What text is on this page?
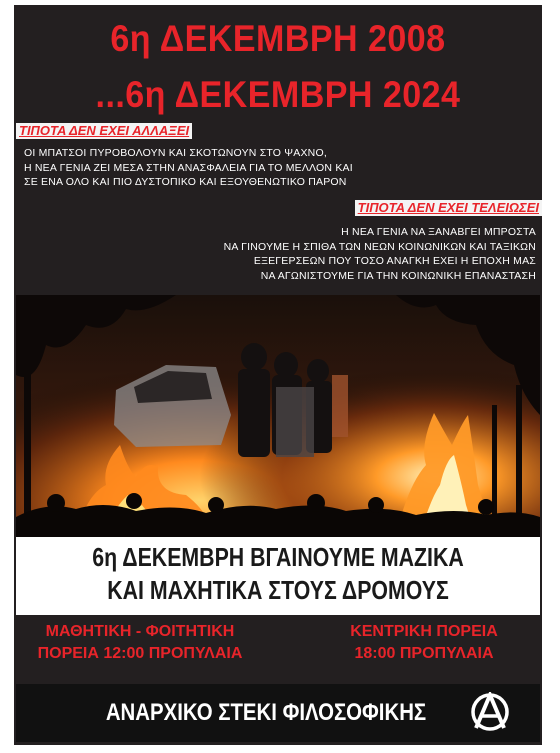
6η ΔΕΚΕΜΒΡΗ 2008
...6η ΔΕΚΕΜΒΡΗ 2024
ΤΙΠΟΤΑ ΔΕΝ ΕΧΕΙ ΑΛΛΑΞΕΙ
ΟΙ ΜΠΑΤΣΟΙ ΠΥΡΟΒΟΛΟΥΝ ΚΑΙ ΣΚΟΤΩΝΟΥΝ ΣΤΟ ΨΑΧΝΟ,
Η ΝΕΑ ΓΕΝΙΑ ΖΕΙ ΜΕΣΑ ΣΤΗΝ ΑΝΑΣΦΑΛΕΙΑ ΓΙΑ ΤΟ ΜΕΛΛΟΝ ΚΑΙ
ΣΕ ΕΝΑ ΟΛΟ ΚΑΙ ΠΙΟ ΔΥΣΤΟΠΙΚΟ ΚΑΙ ΕΞΟΥΘΕΝΩΤΙΚΟ ΠΑΡΟΝ
ΤΙΠΟΤΑ ΔΕΝ ΕΧΕΙ ΤΕΛΕΙΩΣΕΙ
Η ΝΕΑ ΓΕΝΙΑ ΝΑ ΞΑΝΑΒΓΕΙ ΜΠΡΟΣΤΑ
ΝΑ ΓΙΝΟΥΜΕ Η ΣΠΙΘΑ ΤΩΝ ΝΕΩΝ ΚΟΙΝΩΝΙΚΩΝ ΚΑΙ ΤΑΞΙΚΩΝ
ΕΞΕΓΕΡΣΕΩΝ ΠΟΥ ΤΟΣΟ ΑΝΑΓΚΗ ΕΧΕΙ Η ΕΠΟΧΗ ΜΑΣ
ΝΑ ΑΓΩΝΙΣΤΟΥΜΕ ΓΙΑ ΤΗΝ ΚΟΙΝΩΝΙΚΗ ΕΠΑΝΑΣΤΑΣΗ
6η ΔΕΚΕΜΒΡΗ ΒΓΑΙΝΟΥΜΕ ΜΑΖΙΚΑ
ΚΑΙ ΜΑΧΗΤΙΚΑ ΣΤΟΥΣ ΔΡΟΜΟΥΣ
ΜΑΘΗΤΙΚΗ - ΦΟΙΤΗΤΙΚΗ
ΠΟΡΕΙΑ 12:00 ΠΡΟΠΥΛΑΙΑ
ΚΕΝΤΡΙΚΗ ΠΟΡΕΙΑ
18:00 ΠΡΟΠΥΛΑΙΑ
ΑΝΑΡΧΙΚΟ ΣΤΕΚΙ ΦΙΛΟΣΟΦΙΚΗΣ
